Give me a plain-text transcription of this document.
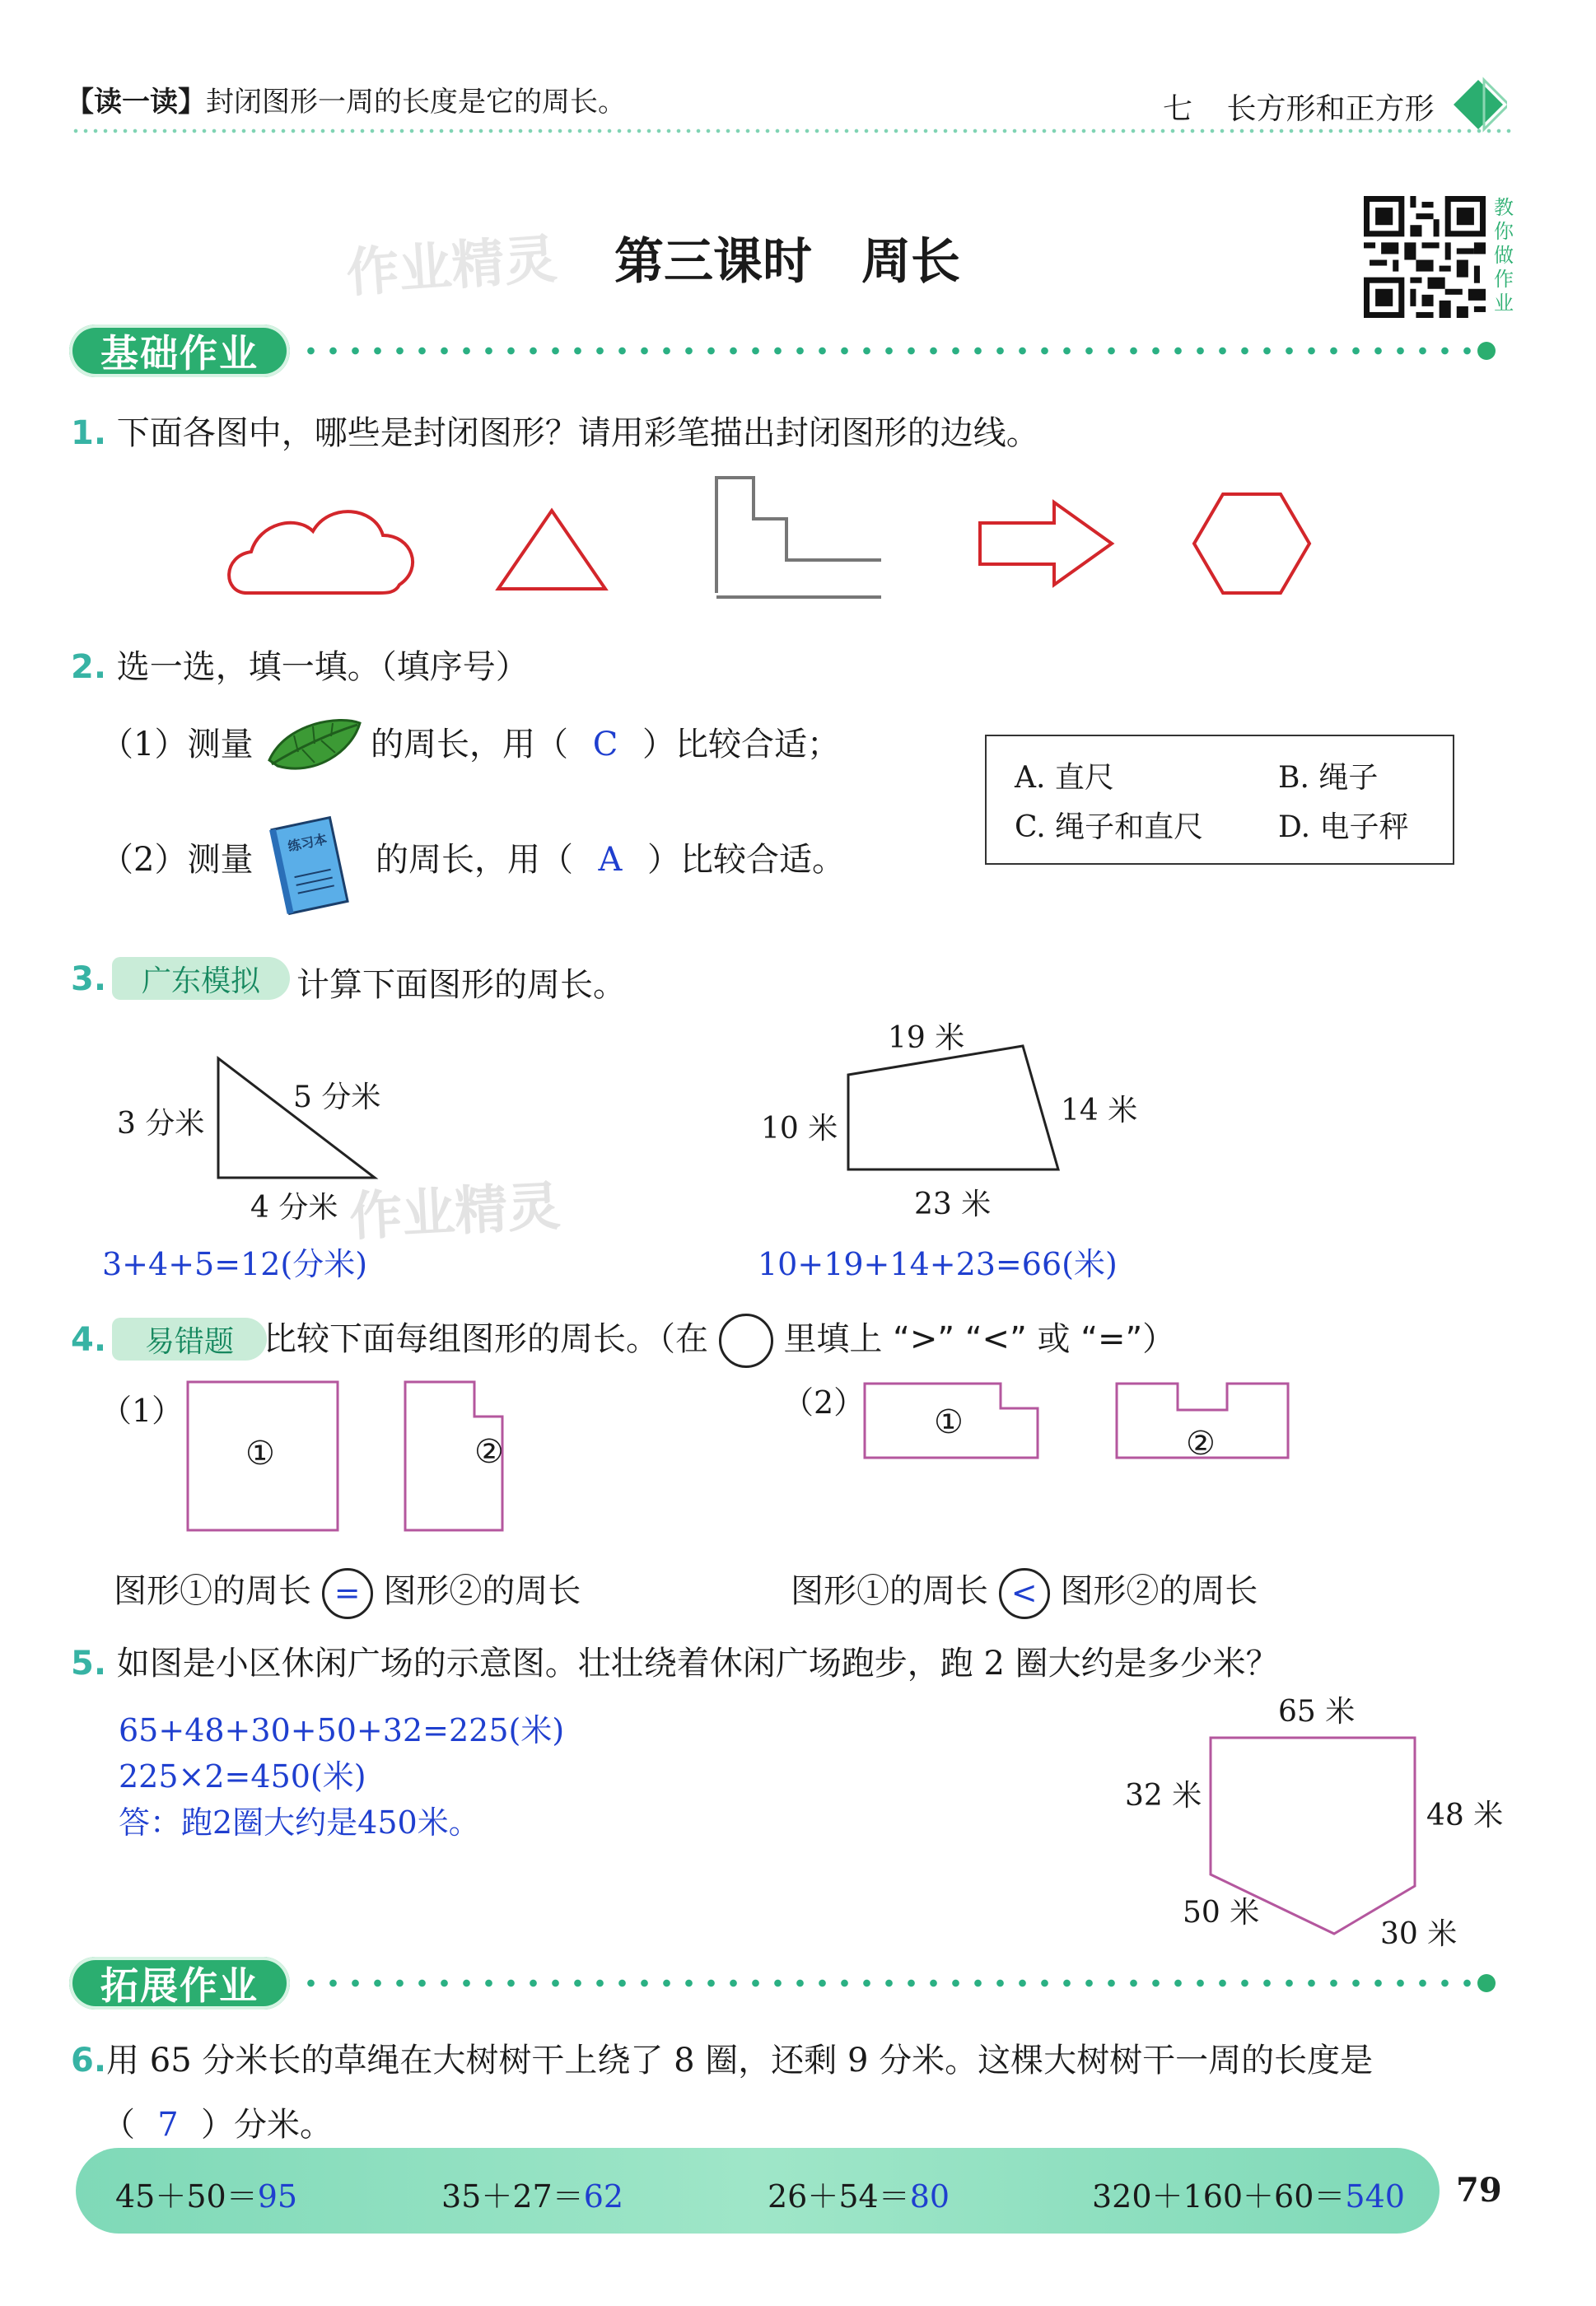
【读一读】封闭图形一周的长度是它的周长。	七 长方形和正方形
作业精灵 第三课时　周长
教你做作业
基础作业
1. 下面各图中，哪些是封闭图形？请用彩笔描出封闭图形的边线。
2. 选一选，填一填。（填序号）
（1）测量	的周长，用（ C ）比较合适；
（2）测量	练习本 的周长，用（ A ）比较合适。
A. 直尺	B. 绳子
C. 绳子和直尺	D. 电子秤
3.	广东模拟	计算下面图形的周长。
3 分米
5 分米
4 分米 作业精灵
3+4+5=12(分米)
19 米
10 米
14 米
23 米
10+19+14+23=66(米)
4.	易错题 比较下面每组图形的周长。（在 里填上 “>” “<” 或 “=”）
（1）
①	②
（2）
①
②
图形①的周长 = 图形②的周长	图形①的周长 < 图形②的周长
5. 如图是小区休闲广场的示意图。壮壮绕着休闲广场跑步，跑 2 圈大约是多少米？
65+48+30+50+32=225(米)
225×2=450(米)
答：跑2圈大约是450米。
65 米
32 米
48 米
50 米
30 米
拓展作业
6.用 65 分米长的草绳在大树树干上绕了 8 圈，还剩 9 分米。这棵大树树干一周的长度是
（ 7 ）分米。
45＋50＝95	35＋27＝62	26＋54＝80	320＋160＋60＝540 79
